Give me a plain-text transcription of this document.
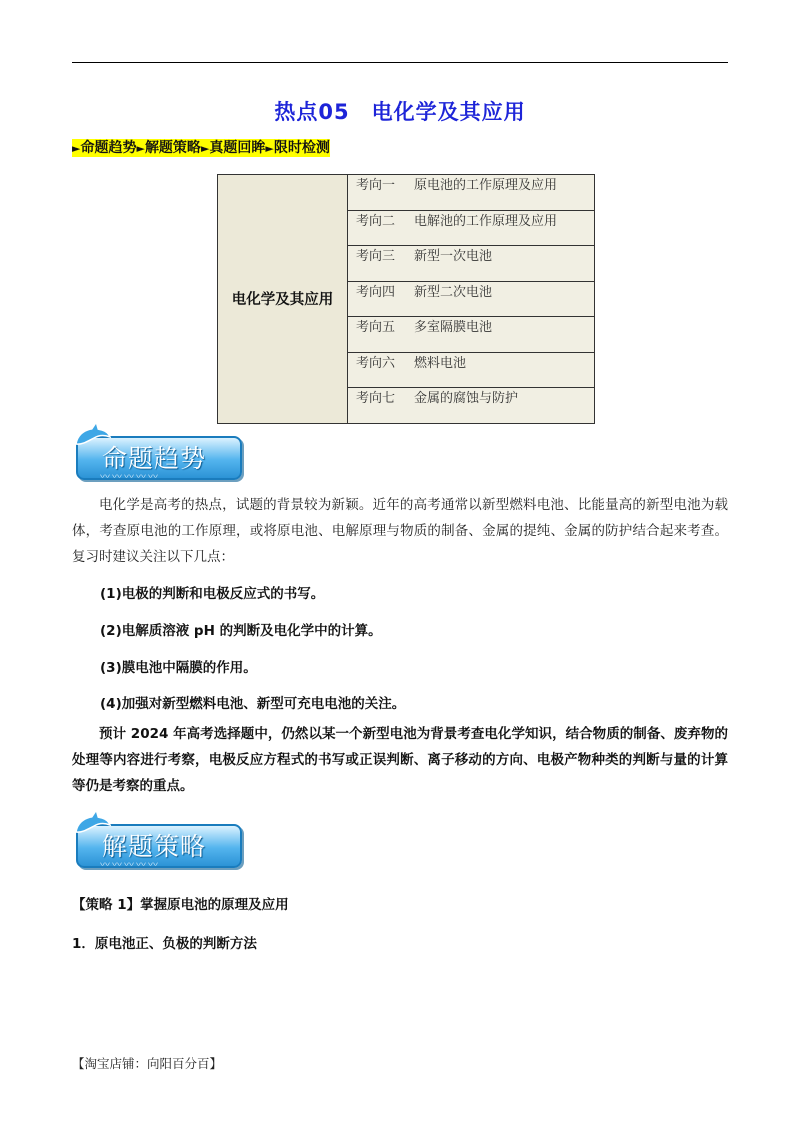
热点05　电化学及其应用
►命题趋势►解题策略►真题回眸►限时检测
电化学及其应用	考向一 原电池的工作原理及应用
考向二 电解池的工作原理及应用
考向三 新型一次电池
考向四 新型二次电池
考向五 多室隔膜电池
考向六 燃料电池
考向七 金属的腐蚀与防护
命题趋势
〰〰〰〰〰
电化学是高考的热点，试题的背景较为新颖。近年的高考通常以新型燃料电池、比能量高的新型电池为载体，考查原电池的工作原理，或将原电池、电解原理与物质的制备、金属的提纯、金属的防护结合起来考查。复习时建议关注以下几点：
(1)电极的判断和电极反应式的书写。
(2)电解质溶液 pH 的判断及电化学中的计算。
(3)膜电池中隔膜的作用。
(4)加强对新型燃料电池、新型可充电电池的关注。
预计 2024 年高考选择题中，仍然以某一个新型电池为背景考查电化学知识，结合物质的制备、废弃物的处理等内容进行考察，电极反应方程式的书写或正误判断、离子移动的方向、电极产物种类的判断与量的计算等仍是考察的重点。
解题策略
〰〰〰〰〰
【策略 1】掌握原电池的原理及应用
1．原电池正、负极的判断方法
【淘宝店铺：向阳百分百】
